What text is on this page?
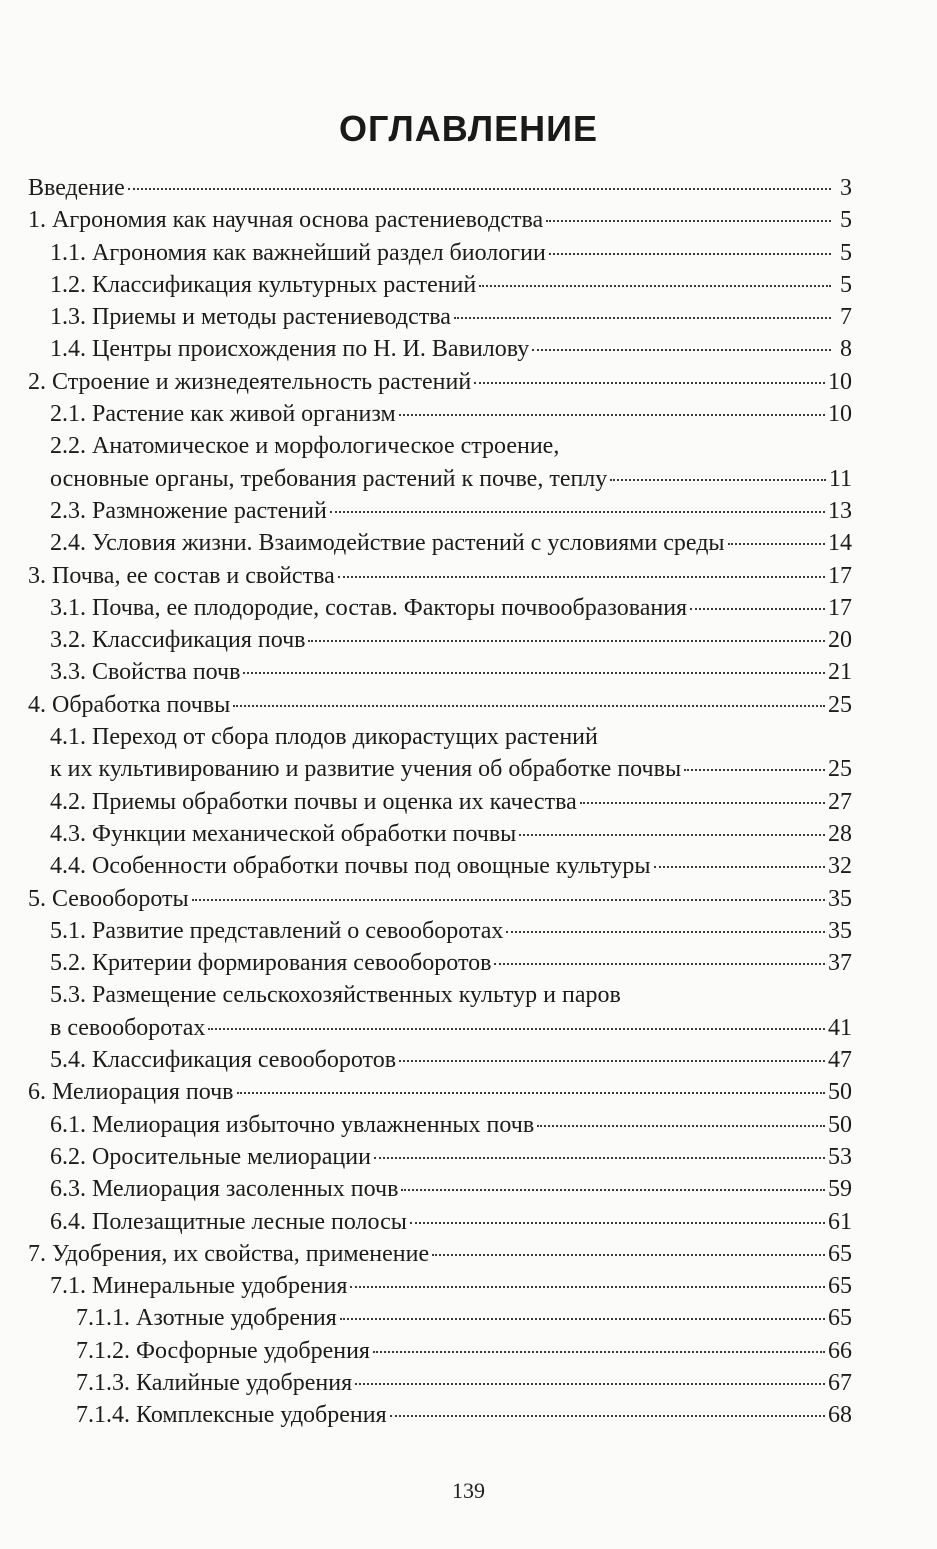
ОГЛАВЛЕНИЕ
Введение	3
1. Агрономия как научная основа растениеводства	5
1.1. Агрономия как важнейший раздел биологии	5
1.2. Классификация культурных растений	5
1.3. Приемы и методы растениеводства	7
1.4. Центры происхождения по Н. И. Вавилову	8
2. Строение и жизнедеятельность растений	10
2.1. Растение как живой организм	10
2.2. Анатомическое и морфологическое строение,
основные органы, требования растений к почве, теплу	11
2.3. Размножение растений	13
2.4. Условия жизни. Взаимодействие растений с условиями среды	14
3. Почва, ее состав и свойства	17
3.1. Почва, ее плодородие, состав. Факторы почвообразования	17
3.2. Классификация почв	20
3.3. Свойства почв	21
4. Обработка почвы	25
4.1. Переход от сбора плодов дикорастущих растений
к их культивированию и развитие учения об обработке почвы	25
4.2. Приемы обработки почвы и оценка их качества	27
4.3. Функции механической обработки почвы	28
4.4. Особенности обработки почвы под овощные культуры	32
5. Севообороты	35
5.1. Развитие представлений о севооборотах	35
5.2. Критерии формирования севооборотов	37
5.3. Размещение сельскохозяйственных культур и паров
в севооборотах	41
5.4. Классификация севооборотов	47
6. Мелиорация почв	50
6.1. Мелиорация избыточно увлажненных почв	50
6.2. Оросительные мелиорации	53
6.3. Мелиорация засоленных почв	59
6.4. Полезащитные лесные полосы	61
7. Удобрения, их свойства, применение	65
7.1. Минеральные удобрения	65
7.1.1. Азотные удобрения	65
7.1.2. Фосфорные удобрения	66
7.1.3. Калийные удобрения	67
7.1.4. Комплексные удобрения	68
139
